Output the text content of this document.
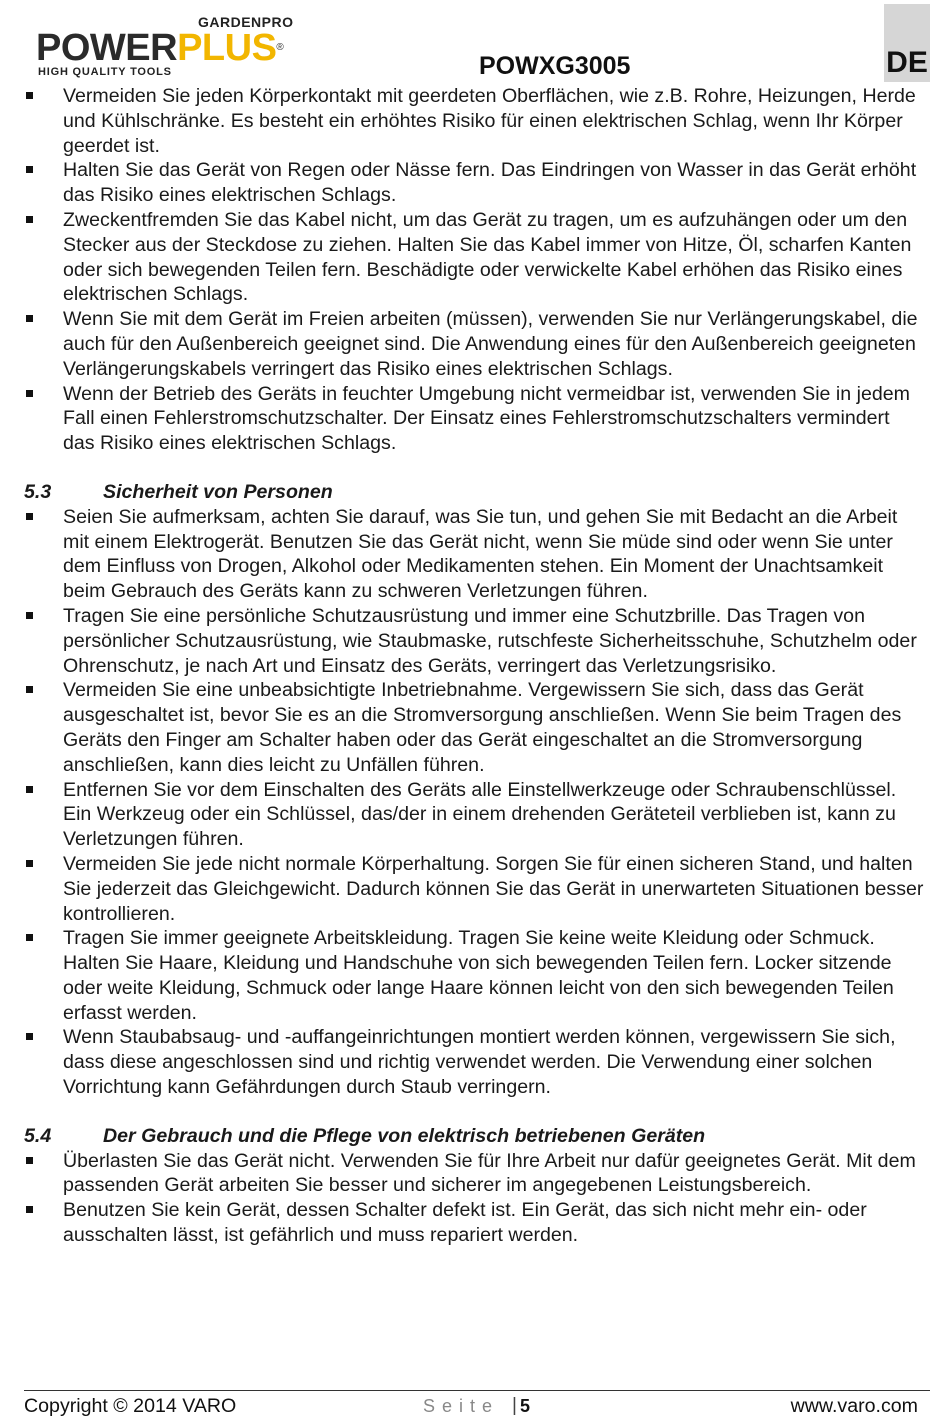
GARDENPRO
POWERPLUS®
HIGH QUALITY TOOLS	POWXG3005	DE
Vermeiden Sie jeden Körperkontakt mit geerdeten Oberflächen, wie z.B. Rohre, Heizungen, Herde und Kühlschränke. Es besteht ein erhöhtes Risiko für einen elektrischen Schlag, wenn Ihr Körper geerdet ist.
Halten Sie das Gerät von Regen oder Nässe fern. Das Eindringen von Wasser in das Gerät erhöht das Risiko eines elektrischen Schlags.
Zweckentfremden Sie das Kabel nicht, um das Gerät zu tragen, um es aufzuhängen oder um den Stecker aus der Steckdose zu ziehen. Halten Sie das Kabel immer von Hitze, Öl, scharfen Kanten oder sich bewegenden Teilen fern. Beschädigte oder verwickelte Kabel erhöhen das Risiko eines elektrischen Schlags.
Wenn Sie mit dem Gerät im Freien arbeiten (müssen), verwenden Sie nur Verlängerungskabel, die auch für den Außenbereich geeignet sind. Die Anwendung eines für den Außenbereich geeigneten Verlängerungskabels verringert das Risiko eines elektrischen Schlags.
Wenn der Betrieb des Geräts in feuchter Umgebung nicht vermeidbar ist, verwenden Sie in jedem Fall einen Fehlerstromschutzschalter. Der Einsatz eines Fehlerstromschutzschalters vermindert das Risiko eines elektrischen Schlags.
5.3	Sicherheit von Personen
Seien Sie aufmerksam, achten Sie darauf, was Sie tun, und gehen Sie mit Bedacht an die Arbeit mit einem Elektrogerät. Benutzen Sie das Gerät nicht, wenn Sie müde sind oder wenn Sie unter dem Einfluss von Drogen, Alkohol oder Medikamenten stehen. Ein Moment der Unachtsamkeit beim Gebrauch des Geräts kann zu schweren Verletzungen führen.
Tragen Sie eine persönliche Schutzausrüstung und immer eine Schutzbrille. Das Tragen von persönlicher Schutzausrüstung, wie Staubmaske, rutschfeste Sicherheitsschuhe, Schutzhelm oder Ohrenschutz, je nach Art und Einsatz des Geräts, verringert das Verletzungsrisiko.
Vermeiden Sie eine unbeabsichtigte Inbetriebnahme. Vergewissern Sie sich, dass das Gerät ausgeschaltet ist, bevor Sie es an die Stromversorgung anschließen. Wenn Sie beim Tragen des Geräts den Finger am Schalter haben oder das Gerät eingeschaltet an die Stromversorgung anschließen, kann dies leicht zu Unfällen führen.
Entfernen Sie vor dem Einschalten des Geräts alle Einstellwerkzeuge oder Schraubenschlüssel. Ein Werkzeug oder ein Schlüssel, das/der in einem drehenden Geräteteil verblieben ist, kann zu Verletzungen führen.
Vermeiden Sie jede nicht normale Körperhaltung. Sorgen Sie für einen sicheren Stand, und halten Sie jederzeit das Gleichgewicht. Dadurch können Sie das Gerät in unerwarteten Situationen besser kontrollieren.
Tragen Sie immer geeignete Arbeitskleidung. Tragen Sie keine weite Kleidung oder Schmuck. Halten Sie Haare, Kleidung und Handschuhe von sich bewegenden Teilen fern. Locker sitzende oder weite Kleidung, Schmuck oder lange Haare können leicht von den sich bewegenden Teilen erfasst werden.
Wenn Staubabsaug- und -auffangeinrichtungen montiert werden können, vergewissern Sie sich, dass diese angeschlossen sind und richtig verwendet werden. Die Verwendung einer solchen Vorrichtung kann Gefährdungen durch Staub verringern.
5.4	Der Gebrauch und die Pflege von elektrisch betriebenen Geräten
Überlasten Sie das Gerät nicht. Verwenden Sie für Ihre Arbeit nur dafür geeignetes Gerät. Mit dem passenden Gerät arbeiten Sie besser und sicherer im angegebenen Leistungsbereich.
Benutzen Sie kein Gerät, dessen Schalter defekt ist. Ein Gerät, das sich nicht mehr ein- oder ausschalten lässt, ist gefährlich und muss repariert werden.
Copyright © 2014 VARO	Seite | 5	www.varo.com
